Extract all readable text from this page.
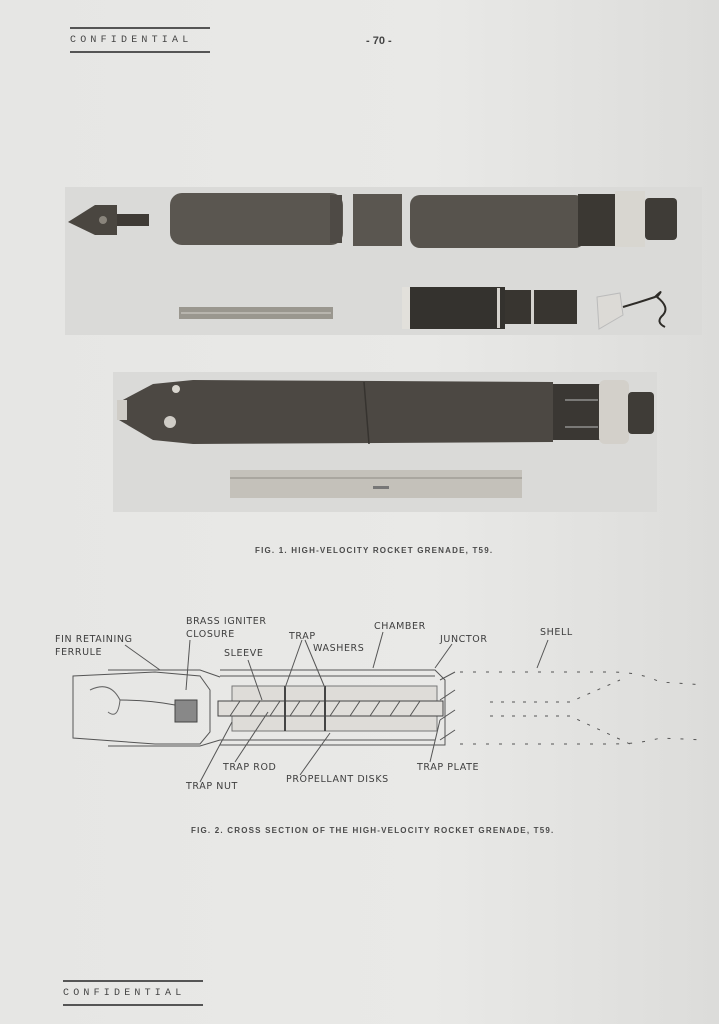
CONFIDENTIAL	- 70 -
FIG. 1. HIGH-VELOCITY ROCKET GRENADE, T59.
FIN RETAINING
FERRULE
BRASS IGNITER
CLOSURE
SLEEVE
TRAP
WASHERS
CHAMBER
JUNCTOR
SHELL
TRAP ROD
TRAP NUT
PROPELLANT DISKS
TRAP PLATE
FIG. 2. CROSS SECTION OF THE HIGH-VELOCITY ROCKET GRENADE, T59.
CONFIDENTIAL
